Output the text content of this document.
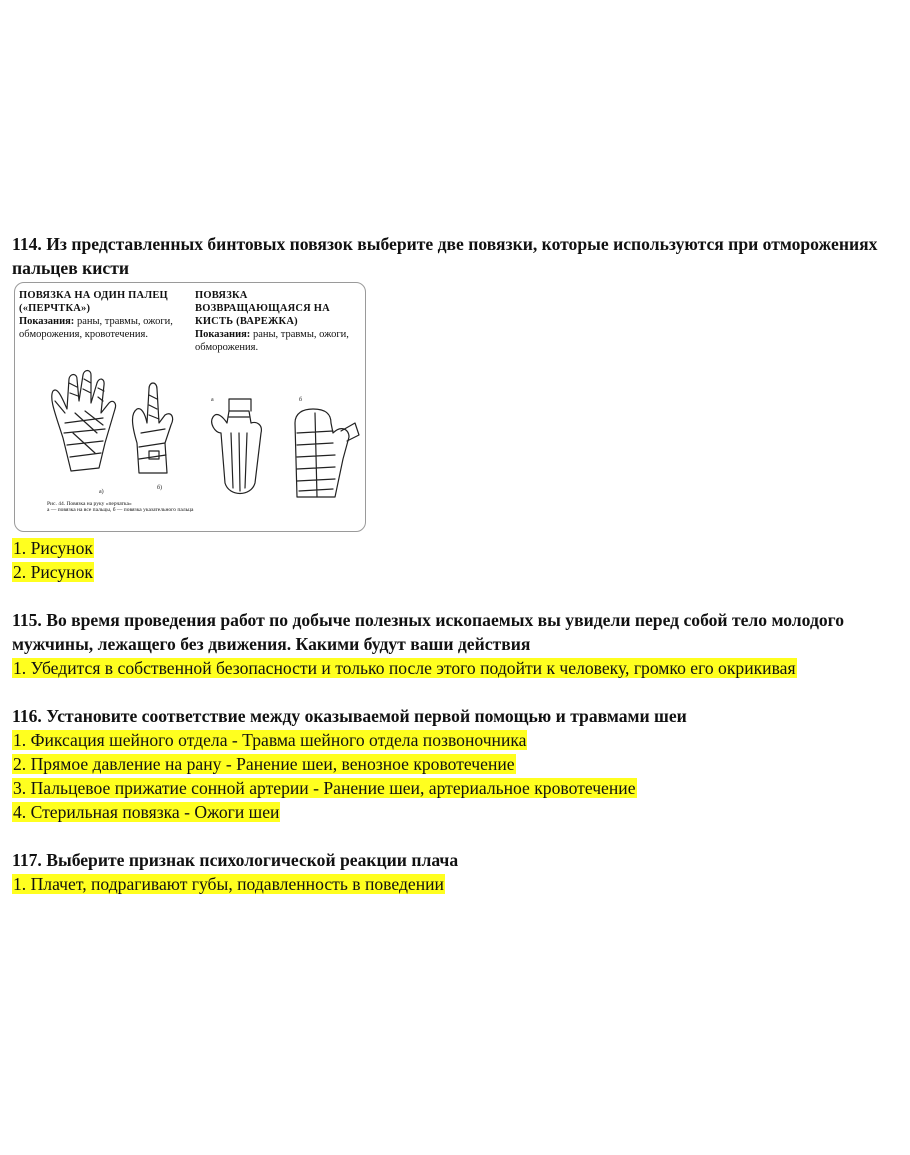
114. Из представленных бинтовых повязок выберите две повязки, которые используются при отморожениях пальцев кисти

ПОВЯЗКА НА ОДИН ПАЛЕЦ
(«ПЕРЧТКА»)
Показания: раны, травмы, ожоги, обморожения, кровотечения.
ПОВЯЗКА
ВОЗВРАЩАЮЩАЯСЯ НА
КИСТЬ (ВАРЕЖКА)
Показания: раны, травмы, ожоги, обморожения.
а)
б)
а	б
Рис. 44. Повязка на руку «перчатка»
а — повязка на все пальцы, б — повязка указательного пальца
1. Рисунок
2. Рисунок

115. Во время проведения работ по добыче полезных ископаемых вы увидели перед собой тело молодого мужчины, лежащего без движения. Какими будут ваши действия

1. Убедится в собственной безопасности и только после этого подойти к человеку, громко его окрикивая

116. Установите соответствие между оказываемой первой помощью и травмами шеи

1. Фиксация шейного отдела - Травма шейного отдела позвоночника
2. Прямое давление на рану - Ранение шеи, венозное кровотечение
3. Пальцевое прижатие сонной артерии - Ранение шеи, артериальное кровотечение
4. Стерильная повязка - Ожоги шеи

117. Выберите признак психологической реакции плача

1. Плачет, подрагивают губы, подавленность в поведении
